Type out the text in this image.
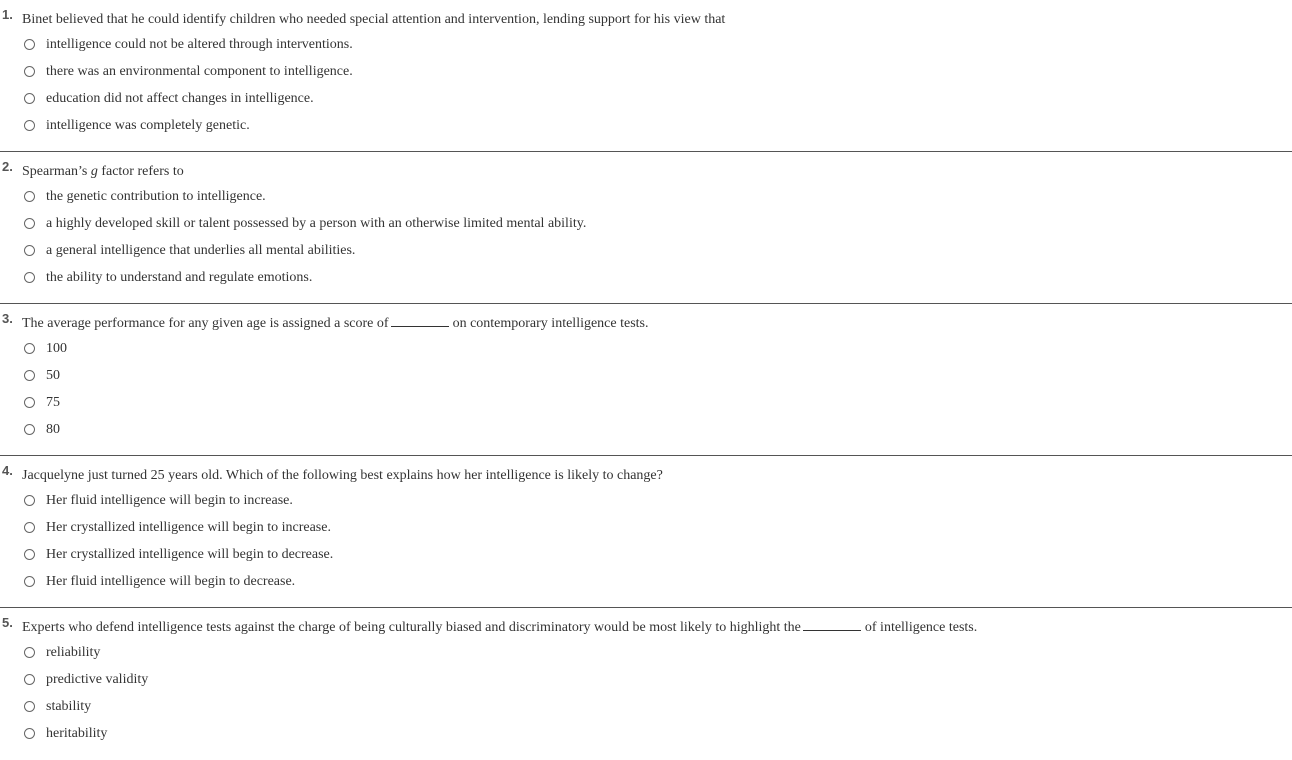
1. Binet believed that he could identify children who needed special attention and intervention, lending support for his view that
intelligence could not be altered through interventions.
there was an environmental component to intelligence.
education did not affect changes in intelligence.
intelligence was completely genetic.
2. Spearman’s g factor refers to
the genetic contribution to intelligence.
a highly developed skill or talent possessed by a person with an otherwise limited mental ability.
a general intelligence that underlies all mental abilities.
the ability to understand and regulate emotions.
3. The average performance for any given age is assigned a score of	on contemporary intelligence tests.
100
50
75
80
4. Jacquelyne just turned 25 years old. Which of the following best explains how her intelligence is likely to change?
Her fluid intelligence will begin to increase.
Her crystallized intelligence will begin to increase.
Her crystallized intelligence will begin to decrease.
Her fluid intelligence will begin to decrease.
5. Experts who defend intelligence tests against the charge of being culturally biased and discriminatory would be most likely to highlight the	of intelligence tests.
reliability
predictive validity
stability
heritability
